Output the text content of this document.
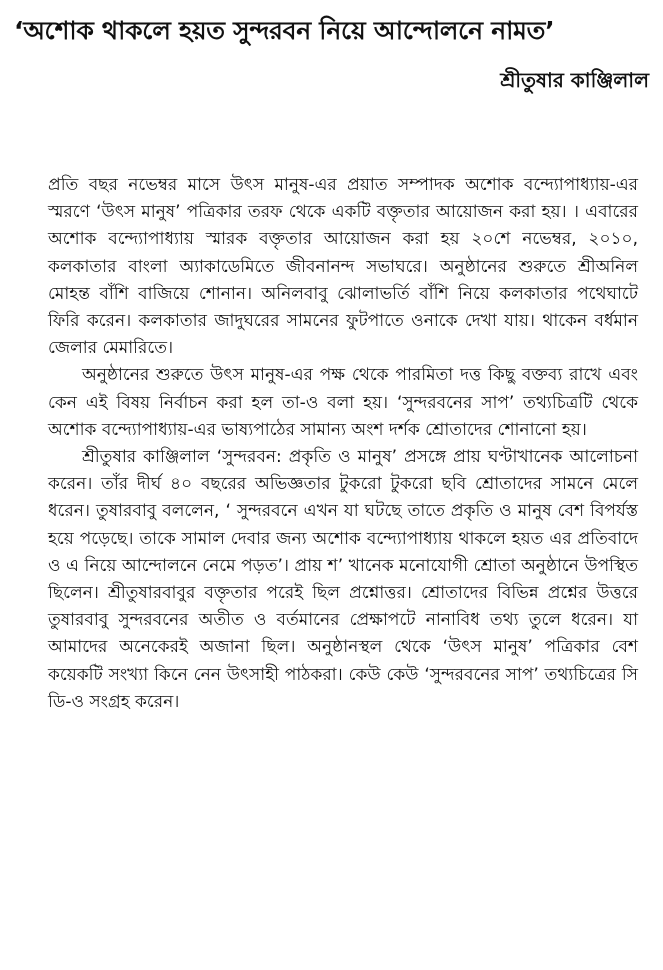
‘অশোক থাকলে হয়ত সুন্দরবন নিয়ে আন্দোলনে নামত’
শ্রীতুষার কাঞ্জিলাল

প্রতি বছর নভেম্বর মাসে উৎস মানুষ-এর প্রয়াত সম্পাদক অশোক বন্দ্যোপাধ্যায়-এর স্মরণে ‘উৎস মানুষ’ পত্রিকার তরফ থেকে একটি বক্তৃতার আয়োজন করা হয়। । এবারের অশোক বন্দ্যোপাধ্যায় স্মারক বক্তৃতার আয়োজন করা হয় ২০শে নভেম্বর, ২০১০, কলকাতার বাংলা অ্যাকাডেমিতে জীবনানন্দ সভাঘরে। অনুষ্ঠানের শুরুতে শ্রীঅনিল মোহন্ত বাঁশি বাজিয়ে শোনান। অনিলবাবু ঝোলাভর্তি বাঁশি নিয়ে কলকাতার পথেঘাটে ফিরি করেন। কলকাতার জাদুঘরের সামনের ফুটপাতে ওনাকে দেখা যায়। থাকেন বর্ধমান জেলার মেমারিতে।

অনুষ্ঠানের শুরুতে উৎস মানুষ-এর পক্ষ থেকে পারমিতা দত্ত কিছু বক্তব্য রাখে এবং কেন এই বিষয় নির্বাচন করা হল তা-ও বলা হয়। ‘সুন্দরবনের সাপ’ তথ্যচিত্রটি থেকে অশোক বন্দ্যোপাধ্যায়-এর ভাষ্যপাঠের সামান্য অংশ দর্শক শ্রোতাদের শোনানো হয়।

শ্রীতুষার কাঞ্জিলাল ‘সুন্দরবন: প্রকৃতি ও মানুষ’ প্রসঙ্গে প্রায় ঘণ্টাখানেক আলোচনা করেন। তাঁর দীর্ঘ ৪০ বছরের অভিজ্ঞতার টুকরো টুকরো ছবি শ্রোতাদের সামনে মেলে ধরেন। তুষারবাবু বললেন, ‘ সুন্দরবনে এখন যা ঘটছে তাতে প্রকৃতি ও মানুষ বেশ বিপর্যস্ত হয়ে পড়েছে। তাকে সামাল দেবার জন্য অশোক বন্দ্যোপাধ্যায় থাকলে হয়ত এর প্রতিবাদে ও এ নিয়ে আন্দোলনে নেমে পড়ত’। প্রায় শ’ খানেক মনোযোগী শ্রোতা অনুষ্ঠানে উপস্থিত ছিলেন। শ্রীতুষারবাবুর বক্তৃতার পরেই ছিল প্রশ্নোত্তর। শ্রোতাদের বিভিন্ন প্রশ্নের উত্তরে তুষারবাবু সুন্দরবনের অতীত ও বর্তমানের প্রেক্ষাপটে নানাবিধ তথ্য তুলে ধরেন। যা আমাদের অনেকেরই অজানা ছিল। অনুষ্ঠানস্থল থেকে ‘উৎস মানুষ’ পত্রিকার বেশ কয়েকটি সংখ্যা কিনে নেন উৎসাহী পাঠকরা। কেউ কেউ ‘সুন্দরবনের সাপ’ তথ্যচিত্রের সি ডি-ও সংগ্রহ করেন।
